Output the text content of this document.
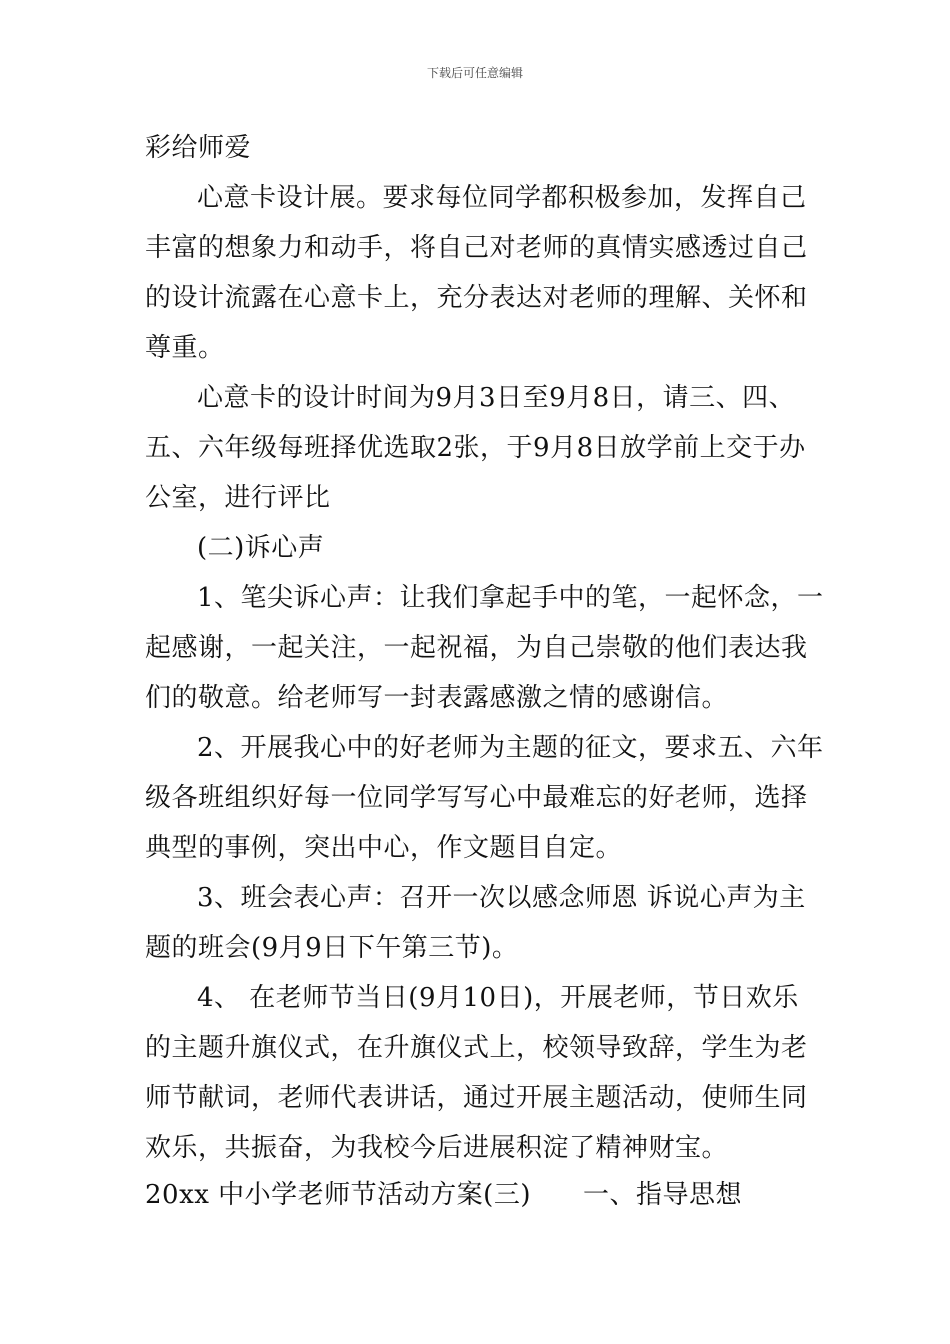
下载后可任意编辑
彩给师爱
心意卡设计展。要求每位同学都积极参加，发挥自己
丰富的想象力和动手，将自己对老师的真情实感透过自己
的设计流露在心意卡上，充分表达对老师的理解、关怀和
尊重。
心意卡的设计时间为9月3日至9月8日，请三、四、
五、六年级每班择优选取2张，于9月8日放学前上交于办
公室，进行评比
(二)诉心声
1、笔尖诉心声：让我们拿起手中的笔，一起怀念，一
起感谢，一起关注，一起祝福，为自己崇敬的他们表达我
们的敬意。给老师写一封表露感激之情的感谢信。
2、开展我心中的好老师为主题的征文，要求五、六年
级各班组织好每一位同学写写心中最难忘的好老师，选择
典型的事例，突出中心，作文题目自定。
3、班会表心声：召开一次以感念师恩 诉说心声为主
题的班会(9月9日下午第三节)。
4、 在老师节当日(9月10日)，开展老师，节日欢乐
的主题升旗仪式，在升旗仪式上，校领导致辞，学生为老
师节献词，老师代表讲话，通过开展主题活动，使师生同
欢乐，共振奋，为我校今后进展积淀了精神财宝。
20xx 中小学老师节活动方案(三) 一、指导思想
